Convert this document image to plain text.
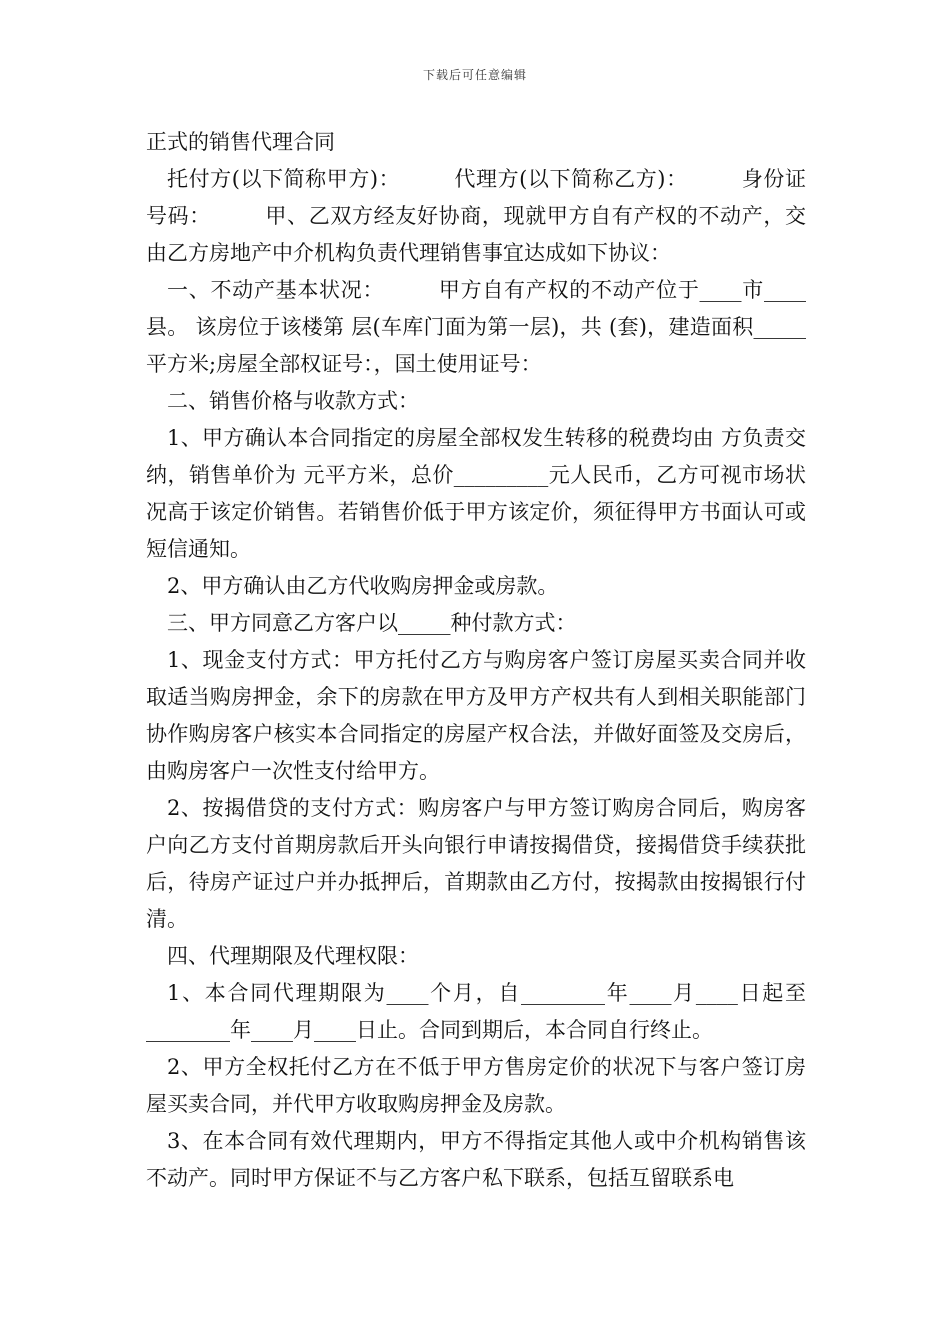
下载后可任意编辑

正式的销售代理合同

托付方(以下简称甲方)：　　　代理方(以下简称乙方)：　　　身份证号码：　　　甲、乙双方经友好协商，现就甲方自有产权的不动产，交由乙方房地产中介机构负责代理销售事宜达成如下协议：

一、不动产基本状况：　　　甲方自有产权的不动产位于____市____县。 该房位于该楼第 层(车库门面为第一层)，共 (套)，建造面积_____平方米;房屋全部权证号：，国土使用证号：

二、销售价格与收款方式：

1、甲方确认本合同指定的房屋全部权发生转移的税费均由 方负责交纳，销售单价为 元平方米，总价_________元人民币，乙方可视市场状况高于该定价销售。若销售价低于甲方该定价，须征得甲方书面认可或短信通知。

2、甲方确认由乙方代收购房押金或房款。

三、甲方同意乙方客户以_____种付款方式：

1、现金支付方式：甲方托付乙方与购房客户签订房屋买卖合同并收取适当购房押金，余下的房款在甲方及甲方产权共有人到相关职能部门协作购房客户核实本合同指定的房屋产权合法，并做好面签及交房后，由购房客户一次性支付给甲方。

2、按揭借贷的支付方式：购房客户与甲方签订购房合同后，购房客户向乙方支付首期房款后开头向银行申请按揭借贷，接揭借贷手续获批后，待房产证过户并办抵押后，首期款由乙方付，按揭款由按揭银行付清。

四、代理期限及代理权限：

1、本合同代理期限为____个月，自________年____月____日起至________年____月____日止。合同到期后，本合同自行终止。

2、甲方全权托付乙方在不低于甲方售房定价的状况下与客户签订房屋买卖合同，并代甲方收取购房押金及房款。

3、在本合同有效代理期内，甲方不得指定其他人或中介机构销售该不动产。同时甲方保证不与乙方客户私下联系，包括互留联系电
